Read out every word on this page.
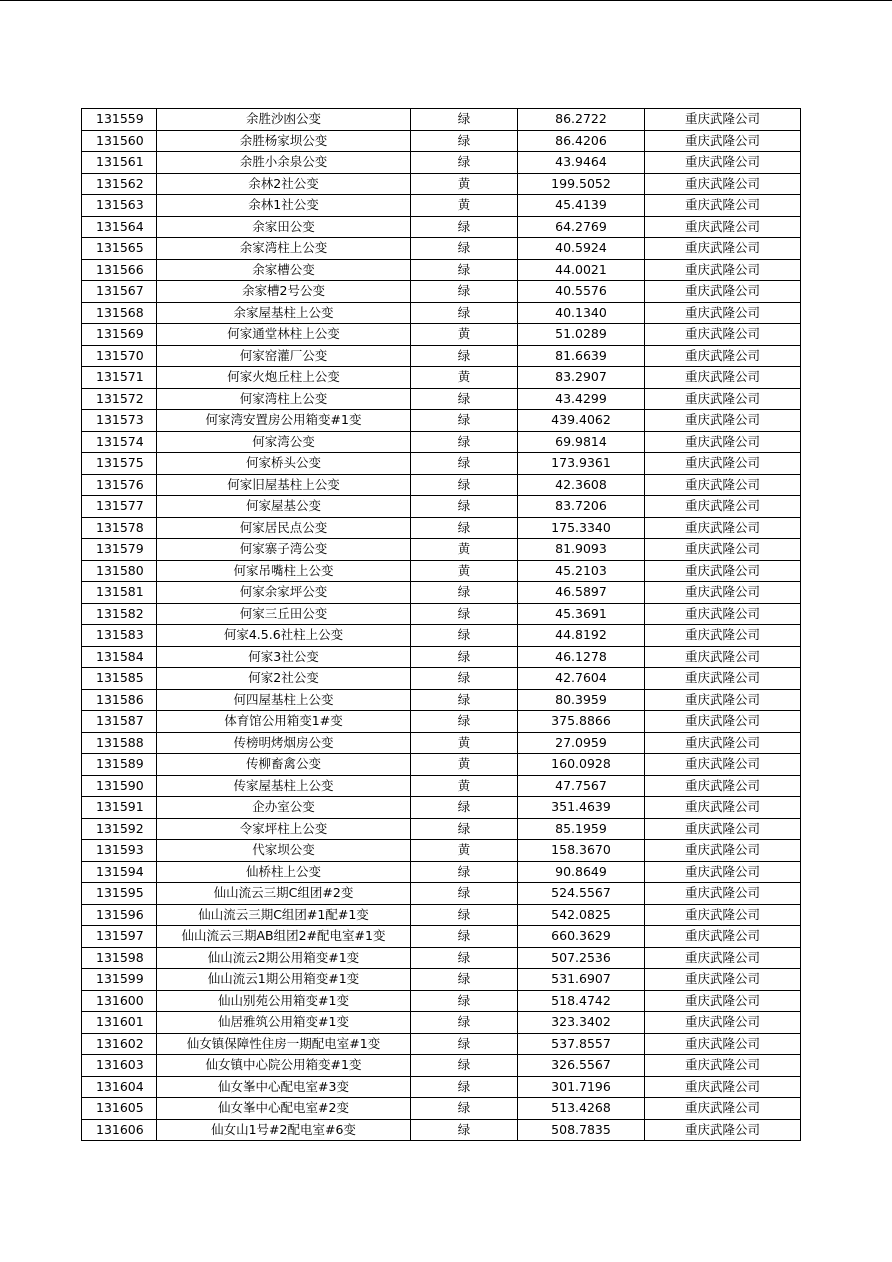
131559	余胜沙凼公变	绿	86.2722	重庆武隆公司
131560	余胜杨家坝公变	绿	86.4206	重庆武隆公司
131561	余胜小余泉公变	绿	43.9464	重庆武隆公司
131562	余林2社公变	黄	199.5052	重庆武隆公司
131563	余林1社公变	黄	45.4139	重庆武隆公司
131564	余家田公变	绿	64.2769	重庆武隆公司
131565	余家湾柱上公变	绿	40.5924	重庆武隆公司
131566	余家槽公变	绿	44.0021	重庆武隆公司
131567	余家槽2号公变	绿	40.5576	重庆武隆公司
131568	余家屋基柱上公变	绿	40.1340	重庆武隆公司
131569	何家通堂林柱上公变	黄	51.0289	重庆武隆公司
131570	何家窑灌厂公变	绿	81.6639	重庆武隆公司
131571	何家火炮丘柱上公变	黄	83.2907	重庆武隆公司
131572	何家湾柱上公变	绿	43.4299	重庆武隆公司
131573	何家湾安置房公用箱变#1变	绿	439.4062	重庆武隆公司
131574	何家湾公变	绿	69.9814	重庆武隆公司
131575	何家桥头公变	绿	173.9361	重庆武隆公司
131576	何家旧屋基柱上公变	绿	42.3608	重庆武隆公司
131577	何家屋基公变	绿	83.7206	重庆武隆公司
131578	何家居民点公变	绿	175.3340	重庆武隆公司
131579	何家寨子湾公变	黄	81.9093	重庆武隆公司
131580	何家吊嘴柱上公变	黄	45.2103	重庆武隆公司
131581	何家余家坪公变	绿	46.5897	重庆武隆公司
131582	何家三丘田公变	绿	45.3691	重庆武隆公司
131583	何家4.5.6社柱上公变	绿	44.8192	重庆武隆公司
131584	何家3社公变	绿	46.1278	重庆武隆公司
131585	何家2社公变	绿	42.7604	重庆武隆公司
131586	何四屋基柱上公变	绿	80.3959	重庆武隆公司
131587	体育馆公用箱变1#变	绿	375.8866	重庆武隆公司
131588	传榜明烤烟房公变	黄	27.0959	重庆武隆公司
131589	传柳畜禽公变	黄	160.0928	重庆武隆公司
131590	传家屋基柱上公变	黄	47.7567	重庆武隆公司
131591	企办室公变	绿	351.4639	重庆武隆公司
131592	令家坪柱上公变	绿	85.1959	重庆武隆公司
131593	代家坝公变	黄	158.3670	重庆武隆公司
131594	仙桥柱上公变	绿	90.8649	重庆武隆公司
131595	仙山流云三期C组团#2变	绿	524.5567	重庆武隆公司
131596	仙山流云三期C组团#1配#1变	绿	542.0825	重庆武隆公司
131597	仙山流云三期AB组团2#配电室#1变	绿	660.3629	重庆武隆公司
131598	仙山流云2期公用箱变#1变	绿	507.2536	重庆武隆公司
131599	仙山流云1期公用箱变#1变	绿	531.6907	重庆武隆公司
131600	仙山别苑公用箱变#1变	绿	518.4742	重庆武隆公司
131601	仙居雅筑公用箱变#1变	绿	323.3402	重庆武隆公司
131602	仙女镇保障性住房一期配电室#1变	绿	537.8557	重庆武隆公司
131603	仙女镇中心院公用箱变#1变	绿	326.5567	重庆武隆公司
131604	仙女峯中心配电室#3变	绿	301.7196	重庆武隆公司
131605	仙女峯中心配电室#2变	绿	513.4268	重庆武隆公司
131606	仙女山1号#2配电室#6变	绿	508.7835	重庆武隆公司
